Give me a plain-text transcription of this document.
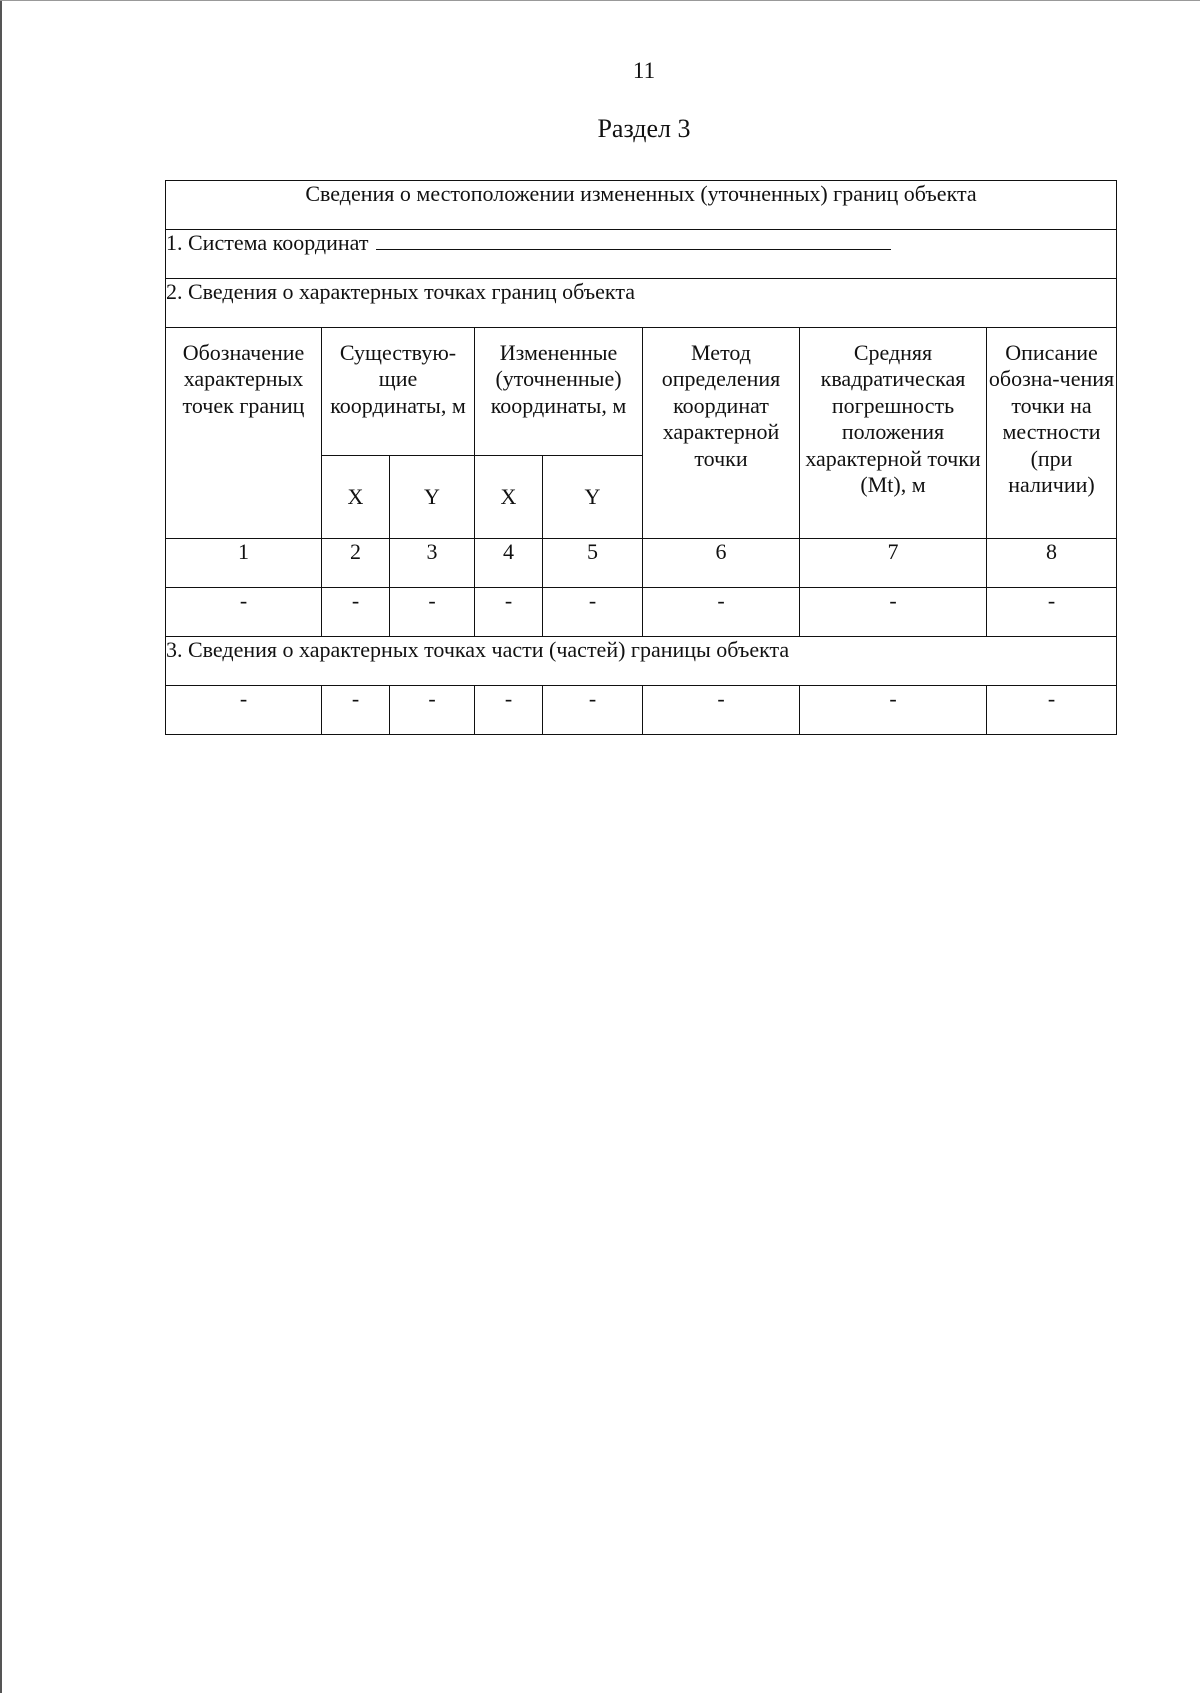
11
Раздел 3
Сведения о местоположении измененных (уточненных) границ объекта							
1. Система координат							
2. Сведения о характерных точках границ объекта							
Обозначение характерных точек границ	Существую-щие координаты, м		Измененные (уточненные) координаты, м		Метод определения координат характерной точки	Средняя квадратическая погрешность положения характерной точки (Mt), м	Описание обозна-чения точки на местности (при наличии)
	X	Y	X	Y			
1	2	3	4	5	6	7	8
-	-	-	-	-	-	-	-
3. Сведения о характерных точках части (частей) границы объекта							
-	-	-	-	-	-	-	-
